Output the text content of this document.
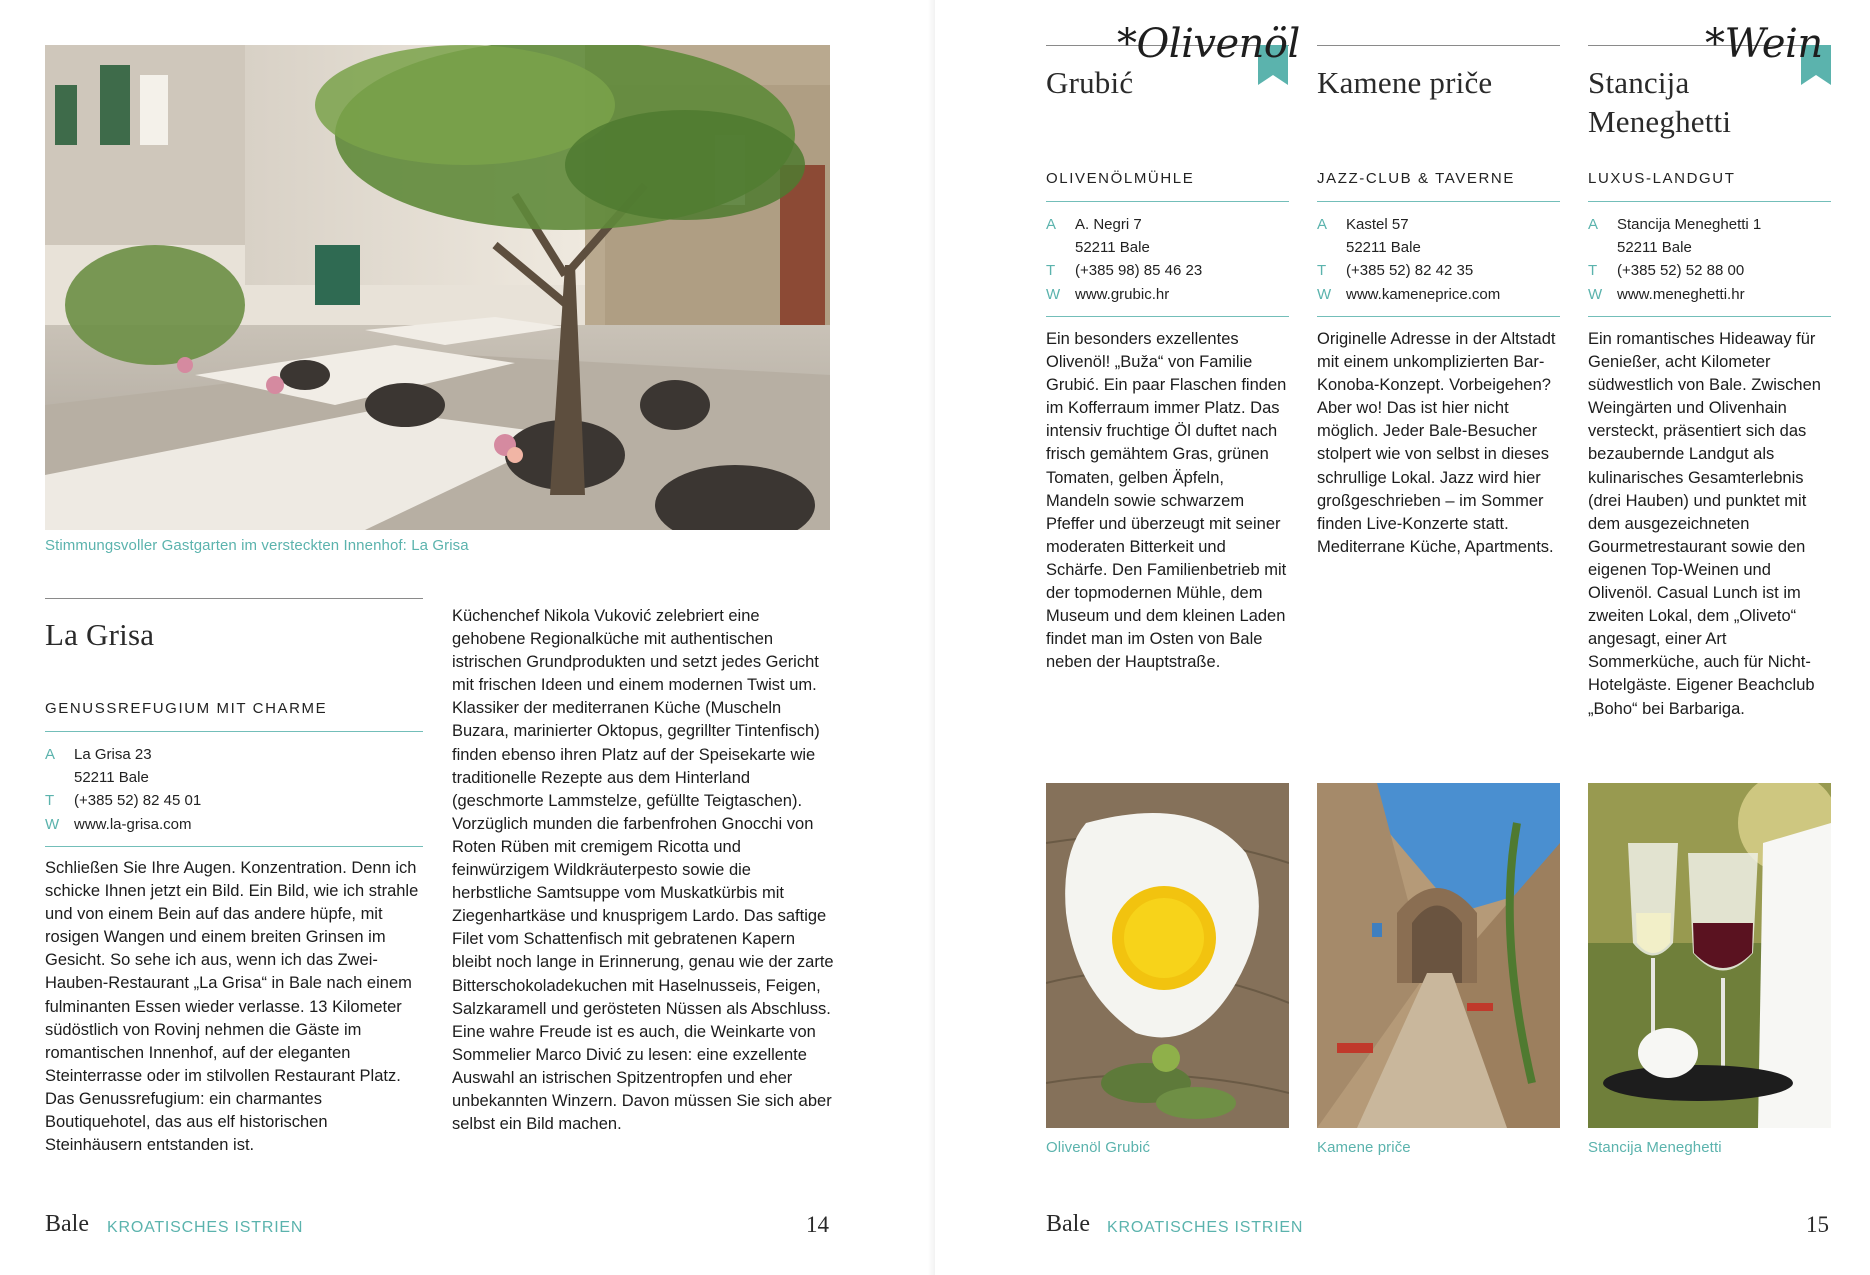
Stimmungsvoller Gastgarten im versteckten Innenhof: La Grisa
La Grisa
GENUSSREFUGIUM MIT CHARME
A	La Grisa 23
52211 Bale
T	(+385 52) 82 45 01
W www.la-grisa.com

Schließen Sie Ihre Augen. Konzentration. Denn ich schicke Ihnen jetzt ein Bild. Ein Bild, wie ich strahle und von einem Bein auf das andere hüpfe, mit rosigen Wangen und einem breiten Grinsen im Gesicht. So sehe ich aus, wenn ich das Zwei-Hauben-Restaurant „La Grisa“ in Bale nach einem fulminanten Essen wieder verlasse. 13 Kilometer südöstlich von Rovinj nehmen die Gäste im romantischen Innenhof, auf der eleganten Steinterrasse oder im stilvollen Restaurant Platz. Das Genussrefugium: ein charmantes Boutiquehotel, das aus elf historischen Steinhäusern entstanden ist.

Küchenchef Nikola Vuković zelebriert eine gehobene Regionalküche mit authentischen istrischen Grundprodukten und setzt jedes Gericht mit frischen Ideen und einem modernen Twist um. Klassiker der mediterranen Küche (Muscheln Buzara, marinierter Oktopus, gegrillter Tintenfisch) finden ebenso ihren Platz auf der Speisekarte wie traditionelle Rezepte aus dem Hinterland (geschmorte Lammstelze, gefüllte Teigtaschen). Vorzüglich munden die farbenfrohen Gnocchi von Roten Rüben mit cremigem Ricotta und feinwürzigem Wildkräuterpesto sowie die herbstliche Samtsuppe vom Muskatkürbis mit Ziegenhartkäse und knusprigem Lardo. Das saftige Filet vom Schattenfisch mit gebratenen Kapern bleibt noch lange in Erinnerung, genau wie der zarte Bitterschokoladekuchen mit Haselnusseis, Feigen, Salzkaramell und gerösteten Nüssen als Abschluss.

Eine wahre Freude ist es auch, die Weinkarte von Sommelier Marco Divić zu lesen: eine exzellente Auswahl an istrischen Spitzentropfen und eher unbekannten Winzern. Davon müssen Sie sich aber selbst ein Bild machen.

Bale KROATISCHES ISTRIEN	14
*Olivenöl
Grubić
OLIVENÖLMÜHLE
A	A. Negri 7
52211 Bale
T	(+385 98) 85 46 23
W www.grubic.hr

Ein besonders exzellentes Olivenöl! „Buža“ von Familie Grubić. Ein paar Flaschen finden im Kofferraum immer Platz. Das intensiv fruchtige Öl duftet nach frisch gemähtem Gras, grünen Tomaten, gelben Äpfeln, Mandeln sowie schwarzem Pfeffer und überzeugt mit seiner moderaten Bitterkeit und Schärfe. Den Familienbetrieb mit der topmodernen Mühle, dem Museum und dem kleinen Laden findet man im Osten von Bale neben der Hauptstraße.

Olivenöl Grubić
Kamene priče
JAZZ-CLUB & TAVERNE
A	Kastel 57
52211 Bale
T	(+385 52) 82 42 35
W www.kameneprice.com

Originelle Adresse in der Altstadt mit einem unkomplizierten Bar-Konoba-Konzept. Vorbeigehen? Aber wo! Das ist hier nicht möglich. Jeder Bale-Besucher stolpert wie von selbst in dieses schrullige Lokal. Jazz wird hier großgeschrieben – im Sommer finden Live-Konzerte statt. Mediterrane Küche, Apartments.

Kamene priče
*Wein
Stancija Meneghetti
LUXUS-LANDGUT
A	Stancija Meneghetti 1
52211 Bale
T	(+385 52) 52 88 00
W www.meneghetti.hr

Ein romantisches Hideaway für Genießer, acht Kilometer südwestlich von Bale. Zwischen Weingärten und Olivenhain versteckt, präsentiert sich das bezaubernde Landgut als kulinarisches Gesamterlebnis (drei Hauben) und punktet mit dem ausgezeichneten Gourmetrestaurant sowie den eigenen Top-Weinen und Olivenöl. Casual Lunch ist im zweiten Lokal, dem „Oliveto“ angesagt, einer Art Sommerküche, auch für Nicht-Hotelgäste. Eigener Beachclub „Boho“ bei Barbariga.

Stancija Meneghetti
Bale KROATISCHES ISTRIEN	15
